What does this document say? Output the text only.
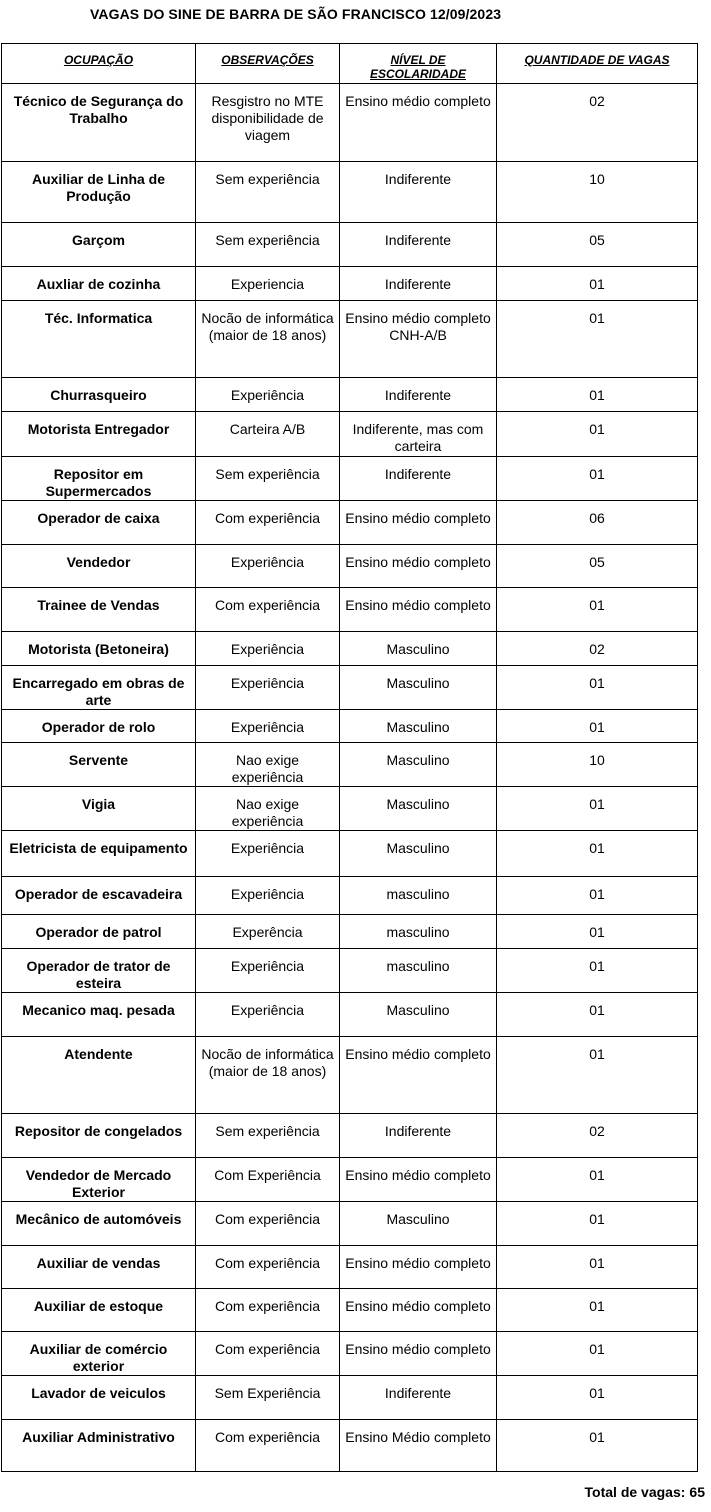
VAGAS DO SINE DE BARRA DE SÃO FRANCISCO 12/09/2023
OCUPAÇÃO	OBSERVAÇÕES	NÍVEL DE ESCOLARIDADE	QUANTIDADE DE VAGAS
Técnico de Segurança do Trabalho	Resgistro no MTE disponibilidade de viagem	Ensino médio completo	02
Auxiliar de Linha de Produção	Sem experiência	Indiferente	10
Garçom	Sem experiência	Indiferente	05
Auxliar de cozinha	Experiencia	Indiferente	01
Téc. Informatica	Nocão de informática (maior de 18 anos)	Ensino médio completo CNH-A/B	01
Churrasqueiro	Experiência	Indiferente	01
Motorista Entregador	Carteira A/B	Indiferente, mas com carteira	01
Repositor em Supermercados	Sem experiência	Indiferente	01
Operador de caixa	Com experiência	Ensino médio completo	06
Vendedor	Experiência	Ensino médio completo	05
Trainee de Vendas	Com experiência	Ensino médio completo	01
Motorista (Betoneira)	Experiência	Masculino	02
Encarregado em obras de arte	Experiência	Masculino	01
Operador de rolo	Experiência	Masculino	01
Servente	Nao exige experiência	Masculino	10
Vigia	Nao exige experiência	Masculino	01
Eletricista de equipamento	Experiência	Masculino	01
Operador de escavadeira	Experiência	masculino	01
Operador de patrol	Experência	masculino	01
Operador de trator de esteira	Experiência	masculino	01
Mecanico maq. pesada	Experiência	Masculino	01
Atendente	Nocão de informática (maior de 18 anos)	Ensino médio completo	01
Repositor de congelados	Sem experiência	Indiferente	02
Vendedor de Mercado Exterior	Com Experiência	Ensino médio completo	01
Mecânico de automóveis	Com experiência	Masculino	01
Auxiliar de vendas	Com experiência	Ensino médio completo	01
Auxiliar de estoque	Com experiência	Ensino médio completo	01
Auxiliar de comércio exterior	Com experiência	Ensino médio completo	01
Lavador de veiculos	Sem Experiência	Indiferente	01
Auxiliar Administrativo	Com experiência	Ensino Médio completo	01
Total de vagas: 65
